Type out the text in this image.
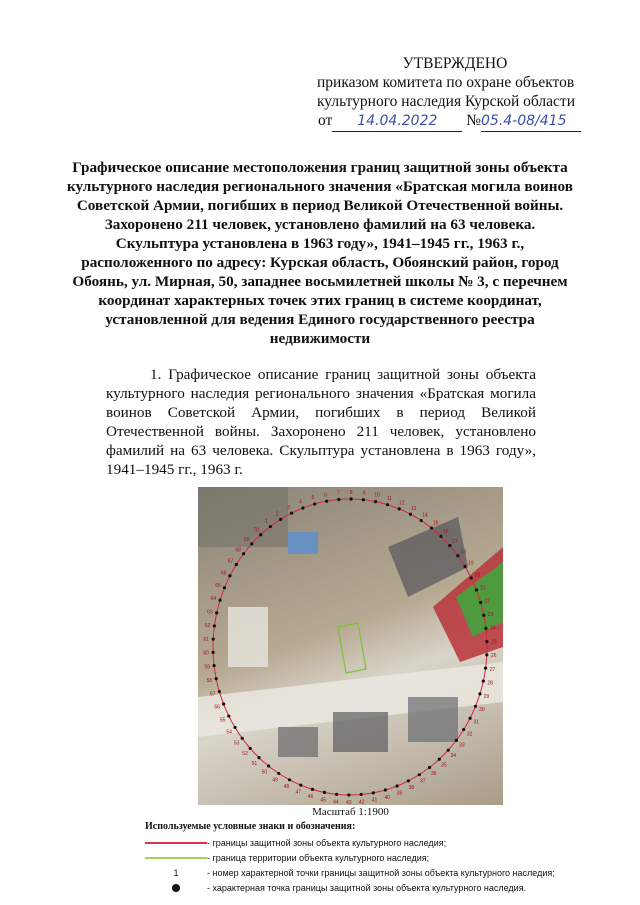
УТВЕРЖДЕНО
приказом комитета по охране объектов
культурного наследия Курской области
от 14.04.2022 №05.4-08/415
Графическое описание местоположения границ защитной зоны объекта культурного наследия регионального значения «Братская могила воинов Советской Армии, погибших в период Великой Отечественной войны. Захоронено 211 человек, установлено фамилий на 63 человека. Скульптура установлена в 1963 году», 1941–1945 гг., 1963 г., расположенного по адресу: Курская область, Обоянский район, город Обоянь, ул. Мирная, 50, западнее восьмилетней школы № 3, с перечнем координат характерных точек этих границ в системе координат, установленной для ведения Единого государственного реестра недвижимости
1. Графическое описание границ защитной зоны объекта культурного наследия регионального значения «Братская могила воинов Советской Армии, погибших в период Великой Отечественной войны. Захоронено 211 человек, установлено фамилий на 63 человека. Скульптура установлена в 1963 году», 1941–1945 гг., 1963 г.
1
2
3
4
5 6 7 8 9 10
11
12
13
14
15
16
17
18
19
20
21
22
23
24
25
26
27
28
29
30
31
32
33
34
35
36
37
38
39
40
41
42
43
44
45
46
47
48
49
50
51
52
53
54
55
56
57
58
59
60
61
62
63
64
65
66
67
68
69
70
Масштаб 1:1900
Используемые условные знаки и обозначения:
- границы защитной зоны объекта культурного наследия;
- граница территории объекта культурного наследия;
1	- номер характерной точки границы защитной зоны объекта культурного наследия;
- характерная точка границы защитной зоны объекта культурного наследия.
